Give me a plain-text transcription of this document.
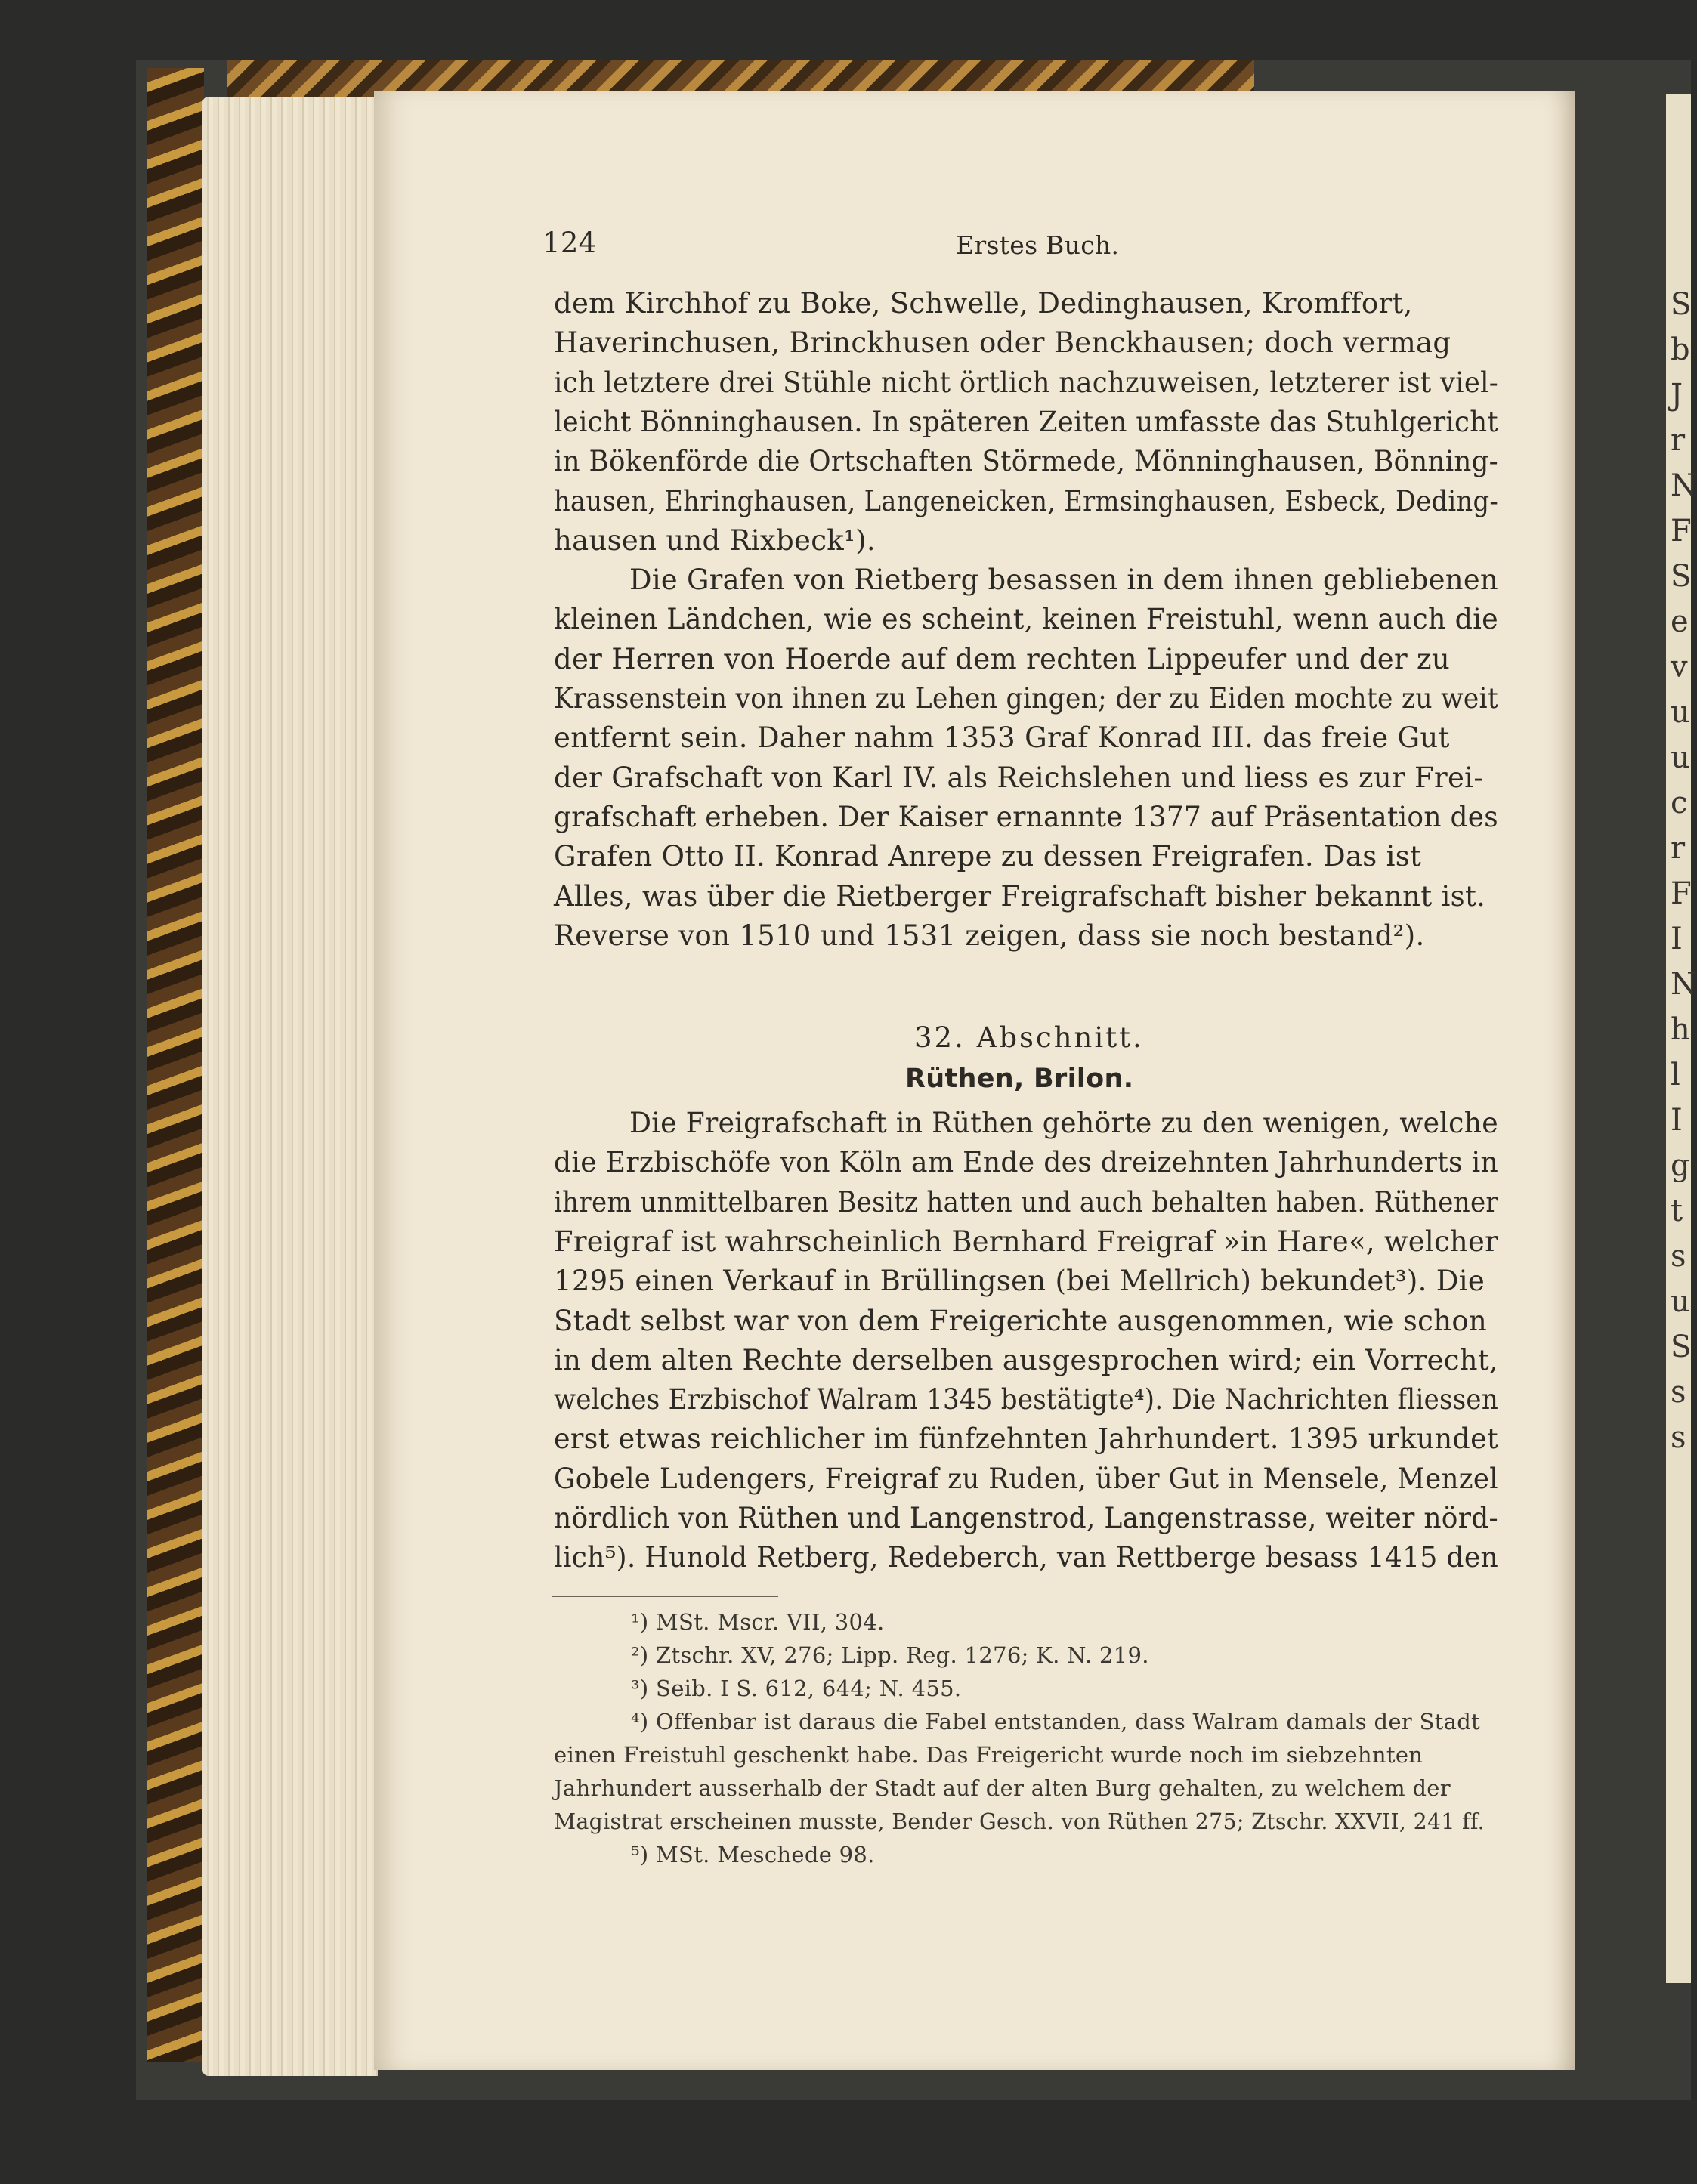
S
b
J
r
N
F
S
e
v
u
u
c
r
F
I
N
h
l
I
g
t
s
u
S
s
s
124	Erstes Buch.
dem Kirchhof zu Boke, Schwelle, Dedinghausen, Kromffort,
Haverinchusen, Brinckhusen oder Benckhausen; doch vermag
ich letztere drei Stühle nicht örtlich nachzuweisen, letzterer ist viel-
leicht Bönninghausen. In späteren Zeiten umfasste das Stuhlgericht
in Bökenförde die Ortschaften Störmede, Mönninghausen, Bönning-
hausen, Ehringhausen, Langeneicken, Ermsinghausen, Esbeck, Deding-
hausen und Rixbeck¹).
Die Grafen von Rietberg besassen in dem ihnen gebliebenen
kleinen Ländchen, wie es scheint, keinen Freistuhl, wenn auch die
der Herren von Hoerde auf dem rechten Lippeufer und der zu
Krassenstein von ihnen zu Lehen gingen; der zu Eiden mochte zu weit
entfernt sein. Daher nahm 1353 Graf Konrad III. das freie Gut
der Grafschaft von Karl IV. als Reichslehen und liess es zur Frei-
grafschaft erheben. Der Kaiser ernannte 1377 auf Präsentation des
Grafen Otto II. Konrad Anrepe zu dessen Freigrafen. Das ist
Alles, was über die Rietberger Freigrafschaft bisher bekannt ist.
Reverse von 1510 und 1531 zeigen, dass sie noch bestand²).
32. Abschnitt.
Rüthen, Brilon.
Die Freigrafschaft in Rüthen gehörte zu den wenigen, welche
die Erzbischöfe von Köln am Ende des dreizehnten Jahrhunderts in
ihrem unmittelbaren Besitz hatten und auch behalten haben. Rüthener
Freigraf ist wahrscheinlich Bernhard Freigraf »in Hare«, welcher
1295 einen Verkauf in Brüllingsen (bei Mellrich) bekundet³). Die
Stadt selbst war von dem Freigerichte ausgenommen, wie schon
in dem alten Rechte derselben ausgesprochen wird; ein Vorrecht,
welches Erzbischof Walram 1345 bestätigte⁴). Die Nachrichten fliessen
erst etwas reichlicher im fünfzehnten Jahrhundert. 1395 urkundet
Gobele Ludengers, Freigraf zu Ruden, über Gut in Mensele, Menzel
nördlich von Rüthen und Langenstrod, Langenstrasse, weiter nörd-
lich⁵). Hunold Retberg, Redeberch, van Rettberge besass 1415 den
¹) MSt. Mscr. VII, 304.
²) Ztschr. XV, 276; Lipp. Reg. 1276; K. N. 219.
³) Seib. I S. 612, 644; N. 455.
⁴) Offenbar ist daraus die Fabel entstanden, dass Walram damals der Stadt
einen Freistuhl geschenkt habe. Das Freigericht wurde noch im siebzehnten
Jahrhundert ausserhalb der Stadt auf der alten Burg gehalten, zu welchem der
Magistrat erscheinen musste, Bender Gesch. von Rüthen 275; Ztschr. XXVII, 241 ff.
⁵) MSt. Meschede 98.
